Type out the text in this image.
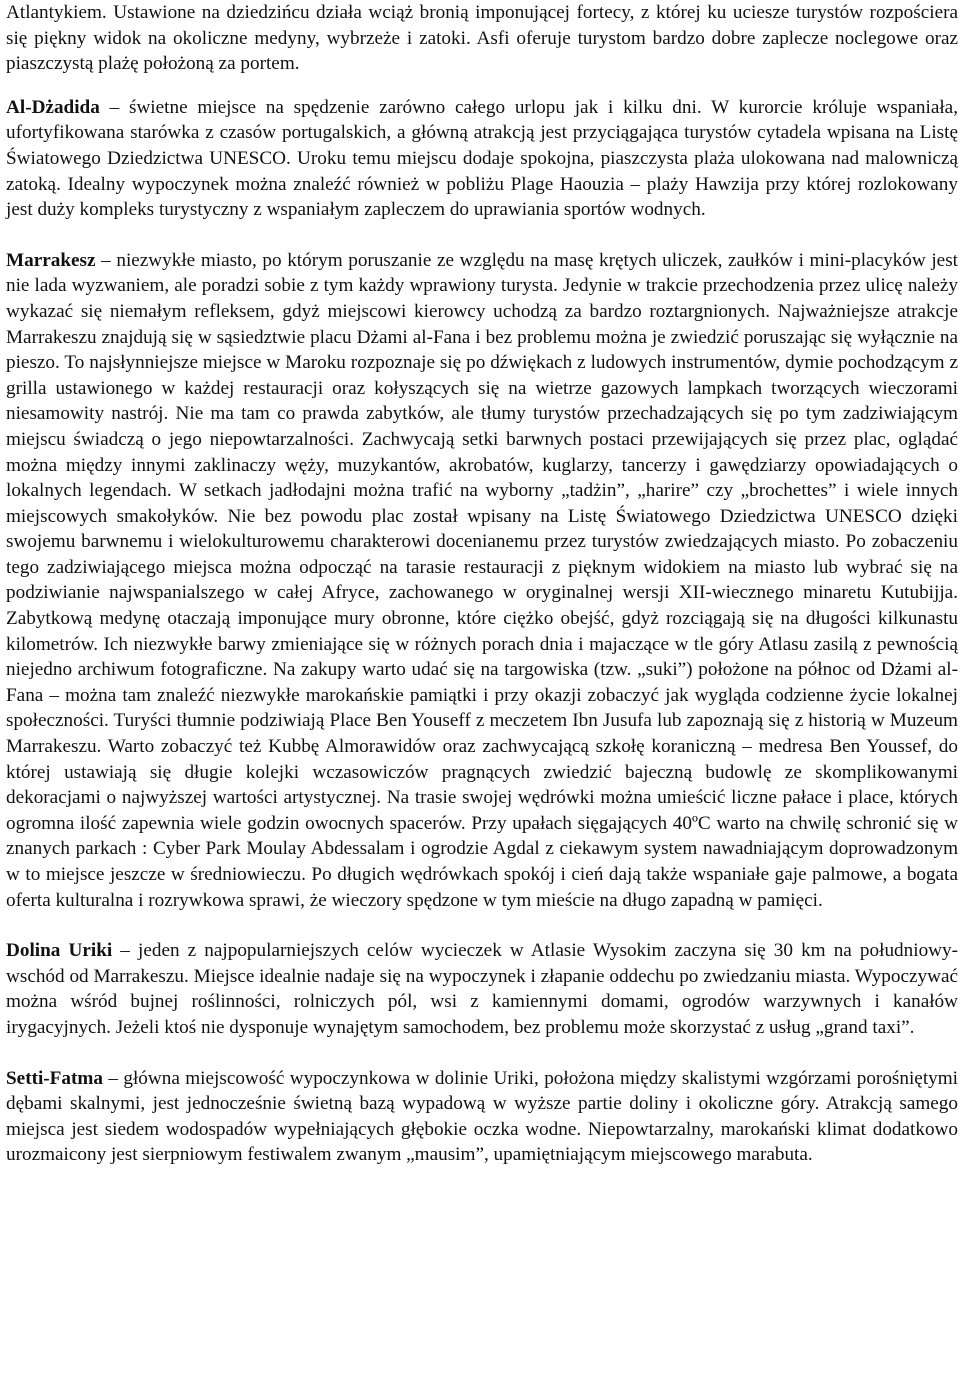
Atlantykiem. Ustawione na dziedzińcu działa wciąż bronią imponującej fortecy, z której ku uciesze turystów rozpościera się piękny widok na okoliczne medyny, wybrzeże i zatoki. Asfi oferuje turystom bardzo dobre zaplecze noclegowe oraz piaszczystą plażę położoną za portem.

Al-Dżadida – świetne miejsce na spędzenie zarówno całego urlopu jak i kilku dni. W kurorcie króluje wspaniała, ufortyfikowana starówka z czasów portugalskich, a główną atrakcją jest przyciągająca turystów cytadela wpisana na Listę Światowego Dziedzictwa UNESCO. Uroku temu miejscu dodaje spokojna, piaszczysta plaża ulokowana nad malowniczą zatoką. Idealny wypoczynek można znaleźć również w pobliżu Plage Haouzia – plaży Hawzija przy której rozlokowany jest duży kompleks turystyczny z wspaniałym zapleczem do uprawiania sportów wodnych.

Marrakesz – niezwykłe miasto, po którym poruszanie ze względu na masę krętych uliczek, zaułków i mini-placyków jest nie lada wyzwaniem, ale poradzi sobie z tym każdy wprawiony turysta. Jedynie w trakcie przechodzenia przez ulicę należy wykazać się niemałym refleksem, gdyż miejscowi kierowcy uchodzą za bardzo roztargnionych. Najważniejsze atrakcje Marrakeszu znajdują się w sąsiedztwie placu Dżami al-Fana i bez problemu można je zwiedzić poruszając się wyłącznie na pieszo. To najsłynniejsze miejsce w Maroku rozpoznaje się po dźwiękach z ludowych instrumentów, dymie pochodzącym z grilla ustawionego w każdej restauracji oraz kołyszących się na wietrze gazowych lampkach tworzących wieczorami niesamowity nastrój. Nie ma tam co prawda zabytków, ale tłumy turystów przechadzających się po tym zadziwiającym miejscu świadczą o jego niepowtarzalności. Zachwycają setki barwnych postaci przewijających się przez plac, oglądać można między innymi zaklinaczy węży, muzykantów, akrobatów, kuglarzy, tancerzy i gawędziarzy opowiadających o lokalnych legendach. W setkach jadłodajni można trafić na wyborny „tadżin”, „harire” czy „brochettes” i wiele innych miejscowych smakołyków. Nie bez powodu plac został wpisany na Listę Światowego Dziedzictwa UNESCO dzięki swojemu barwnemu i wielokulturowemu charakterowi docenianemu przez turystów zwiedzających miasto. Po zobaczeniu tego zadziwiającego miejsca można odpocząć na tarasie restauracji z pięknym widokiem na miasto lub wybrać się na podziwianie najwspanialszego w całej Afryce, zachowanego w oryginalnej wersji XII-wiecznego minaretu Kutubijja. Zabytkową medynę otaczają imponujące mury obronne, które ciężko obejść, gdyż rozciągają się na długości kilkunastu kilometrów. Ich niezwykłe barwy zmieniające się w różnych porach dnia i majaczące w tle góry Atlasu zasilą z pewnością niejedno archiwum fotograficzne. Na zakupy warto udać się na targowiska (tzw. „suki”) położone na północ od Dżami al-Fana – można tam znaleźć niezwykłe marokańskie pamiątki i przy okazji zobaczyć jak wygląda codzienne życie lokalnej społeczności. Turyści tłumnie podziwiają Place Ben Youseff z meczetem Ibn Jusufa lub zapoznają się z historią w Muzeum Marrakeszu. Warto zobaczyć też Kubbę Almorawidów oraz zachwycającą szkołę koraniczną – medresa Ben Youssef, do której ustawiają się długie kolejki wczasowiczów pragnących zwiedzić bajeczną budowlę ze skomplikowanymi dekoracjami o najwyższej wartości artystycznej. Na trasie swojej wędrówki można umieścić liczne pałace i place, których ogromna ilość zapewnia wiele godzin owocnych spacerów. Przy upałach sięgających 40ºC warto na chwilę schronić się w znanych parkach : Cyber Park Moulay Abdessalam i ogrodzie Agdal z ciekawym system nawadniającym doprowadzonym w to miejsce jeszcze w średniowieczu. Po długich wędrówkach spokój i cień dają także wspaniałe gaje palmowe, a bogata oferta kulturalna i rozrywkowa sprawi, że wieczory spędzone w tym mieście na długo zapadną w pamięci.

Dolina Uriki – jeden z najpopularniejszych celów wycieczek w Atlasie Wysokim zaczyna się 30 km na południowy-wschód od Marrakeszu. Miejsce idealnie nadaje się na wypoczynek i złapanie oddechu po zwiedzaniu miasta. Wypoczywać można wśród bujnej roślinności, rolniczych pól, wsi z kamiennymi domami, ogrodów warzywnych i kanałów irygacyjnych. Jeżeli ktoś nie dysponuje wynajętym samochodem, bez problemu może skorzystać z usług „grand taxi”.

Setti-Fatma – główna miejscowość wypoczynkowa w dolinie Uriki, położona między skalistymi wzgórzami porośniętymi dębami skalnymi, jest jednocześnie świetną bazą wypadową w wyższe partie doliny i okoliczne góry. Atrakcją samego miejsca jest siedem wodospadów wypełniających głębokie oczka wodne. Niepowtarzalny, marokański klimat dodatkowo urozmaicony jest sierpniowym festiwalem zwanym „mausim”, upamiętniającym miejscowego marabuta.
